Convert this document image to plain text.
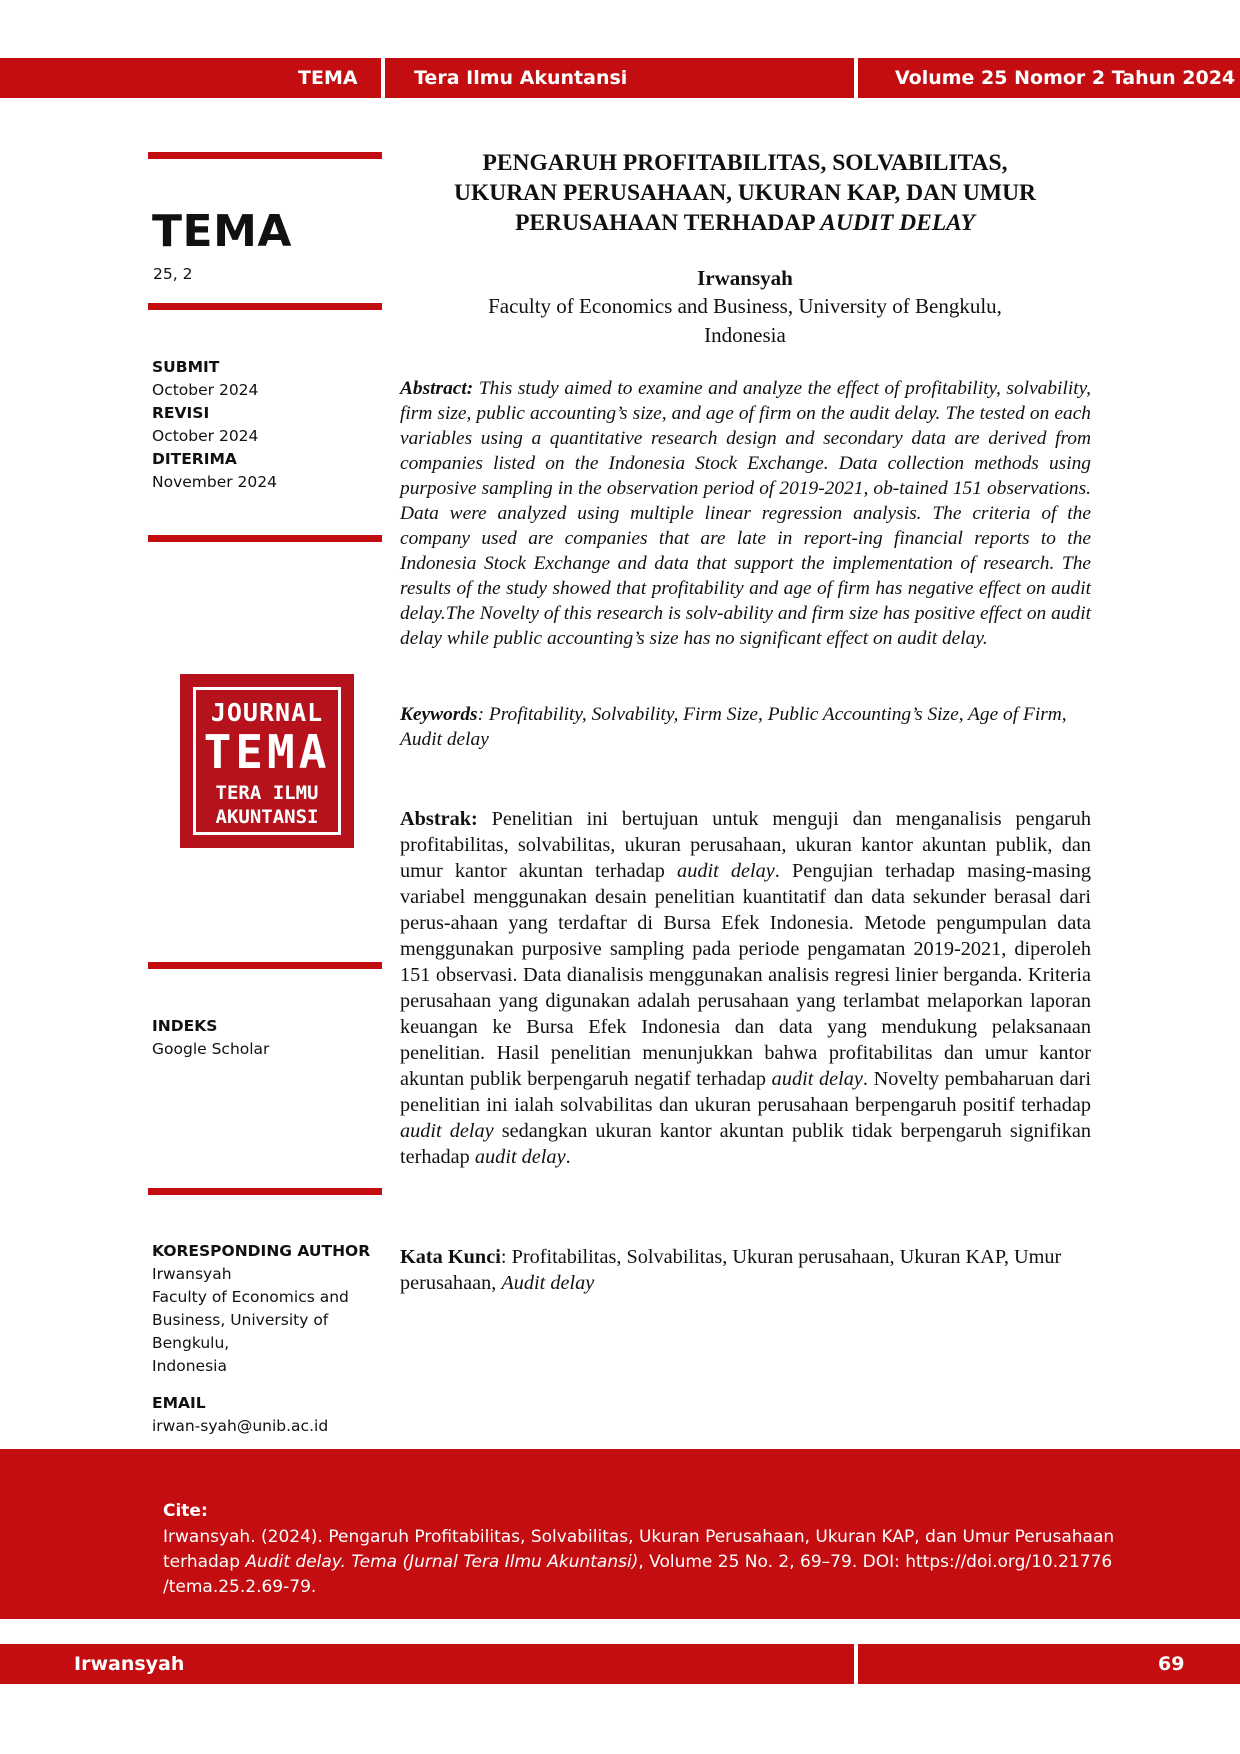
TEMA	Tera Ilmu Akuntansi	Volume 25 Nomor 2 Tahun 2024
TEMA
25, 2
SUBMIT
October 2024
REVISI
October 2024
DITERIMA
November 2024
JOURNAL
TEMA
TERA ILMU
AKUNTANSI
INDEKS
Google Scholar
KORESPONDING AUTHOR
Irwansyah
Faculty of Economics and
Business, University of
Bengkulu,
Indonesia
EMAIL
irwan-syah@unib.ac.id
PENGARUH PROFITABILITAS, SOLVABILITAS,
UKURAN PERUSAHAAN, UKURAN KAP, DAN UMUR
PERUSAHAAN TERHADAP AUDIT DELAY
Irwansyah
Faculty of Economics and Business, University of Bengkulu,
Indonesia
Abstract: This study aimed to examine and analyze the effect of profitability, solvability, firm size, public accounting’s size, and age of firm on the audit delay. The tested on each variables using a quantitative research design and secondary data are derived from companies listed on the Indonesia Stock Exchange. Data collection methods using purposive sampling in the observation period of 2019-2021, ob-tained 151 observations. Data were analyzed using multiple linear regression analysis. The criteria of the company used are companies that are late in report-ing financial reports to the Indonesia Stock Exchange and data that support the implementation of research. The results of the study showed that profitability and age of firm has negative effect on audit delay.The Novelty of this research is solv-ability and firm size has positive effect on audit delay while public accounting’s size has no significant effect on audit delay.
Keywords: Profitability, Solvability, Firm Size, Public Accounting’s Size, Age of Firm, Audit delay
Abstrak: Penelitian ini bertujuan untuk menguji dan menganalisis pengaruh profitabilitas, solvabilitas, ukuran perusahaan, ukuran kantor akuntan publik, dan umur kantor akuntan terhadap audit delay. Pengujian terhadap masing-masing variabel menggunakan desain penelitian kuantitatif dan data sekunder berasal dari perus-ahaan yang terdaftar di Bursa Efek Indonesia. Metode pengumpulan data menggunakan purposive sampling pada periode pengamatan 2019-2021, diperoleh 151 observasi. Data dianalisis menggunakan analisis regresi linier berganda. Kriteria perusahaan yang digunakan adalah perusahaan yang terlambat melaporkan laporan keuangan ke Bursa Efek Indonesia dan data yang mendukung pelaksanaan penelitian. Hasil penelitian menunjukkan bahwa profitabilitas dan umur kantor akuntan publik berpengaruh negatif terhadap audit delay. Novelty pembaharuan dari penelitian ini ialah solvabilitas dan ukuran perusahaan berpengaruh positif terhadap audit delay sedangkan ukuran kantor akuntan publik tidak berpengaruh signifikan terhadap audit delay.
Kata Kunci: Profitabilitas, Solvabilitas, Ukuran perusahaan, Ukuran KAP, Umur perusahaan, Audit delay
Cite:
Irwansyah. (2024). Pengaruh Profitabilitas, Solvabilitas, Ukuran Perusahaan, Ukuran KAP, dan Umur Perusahaan terhadap Audit delay. Tema (Jurnal Tera Ilmu Akuntansi), Volume 25 No. 2, 69–79. DOI: https://doi.org/10.21776 /tema.25.2.69-79.
Irwansyah	69
